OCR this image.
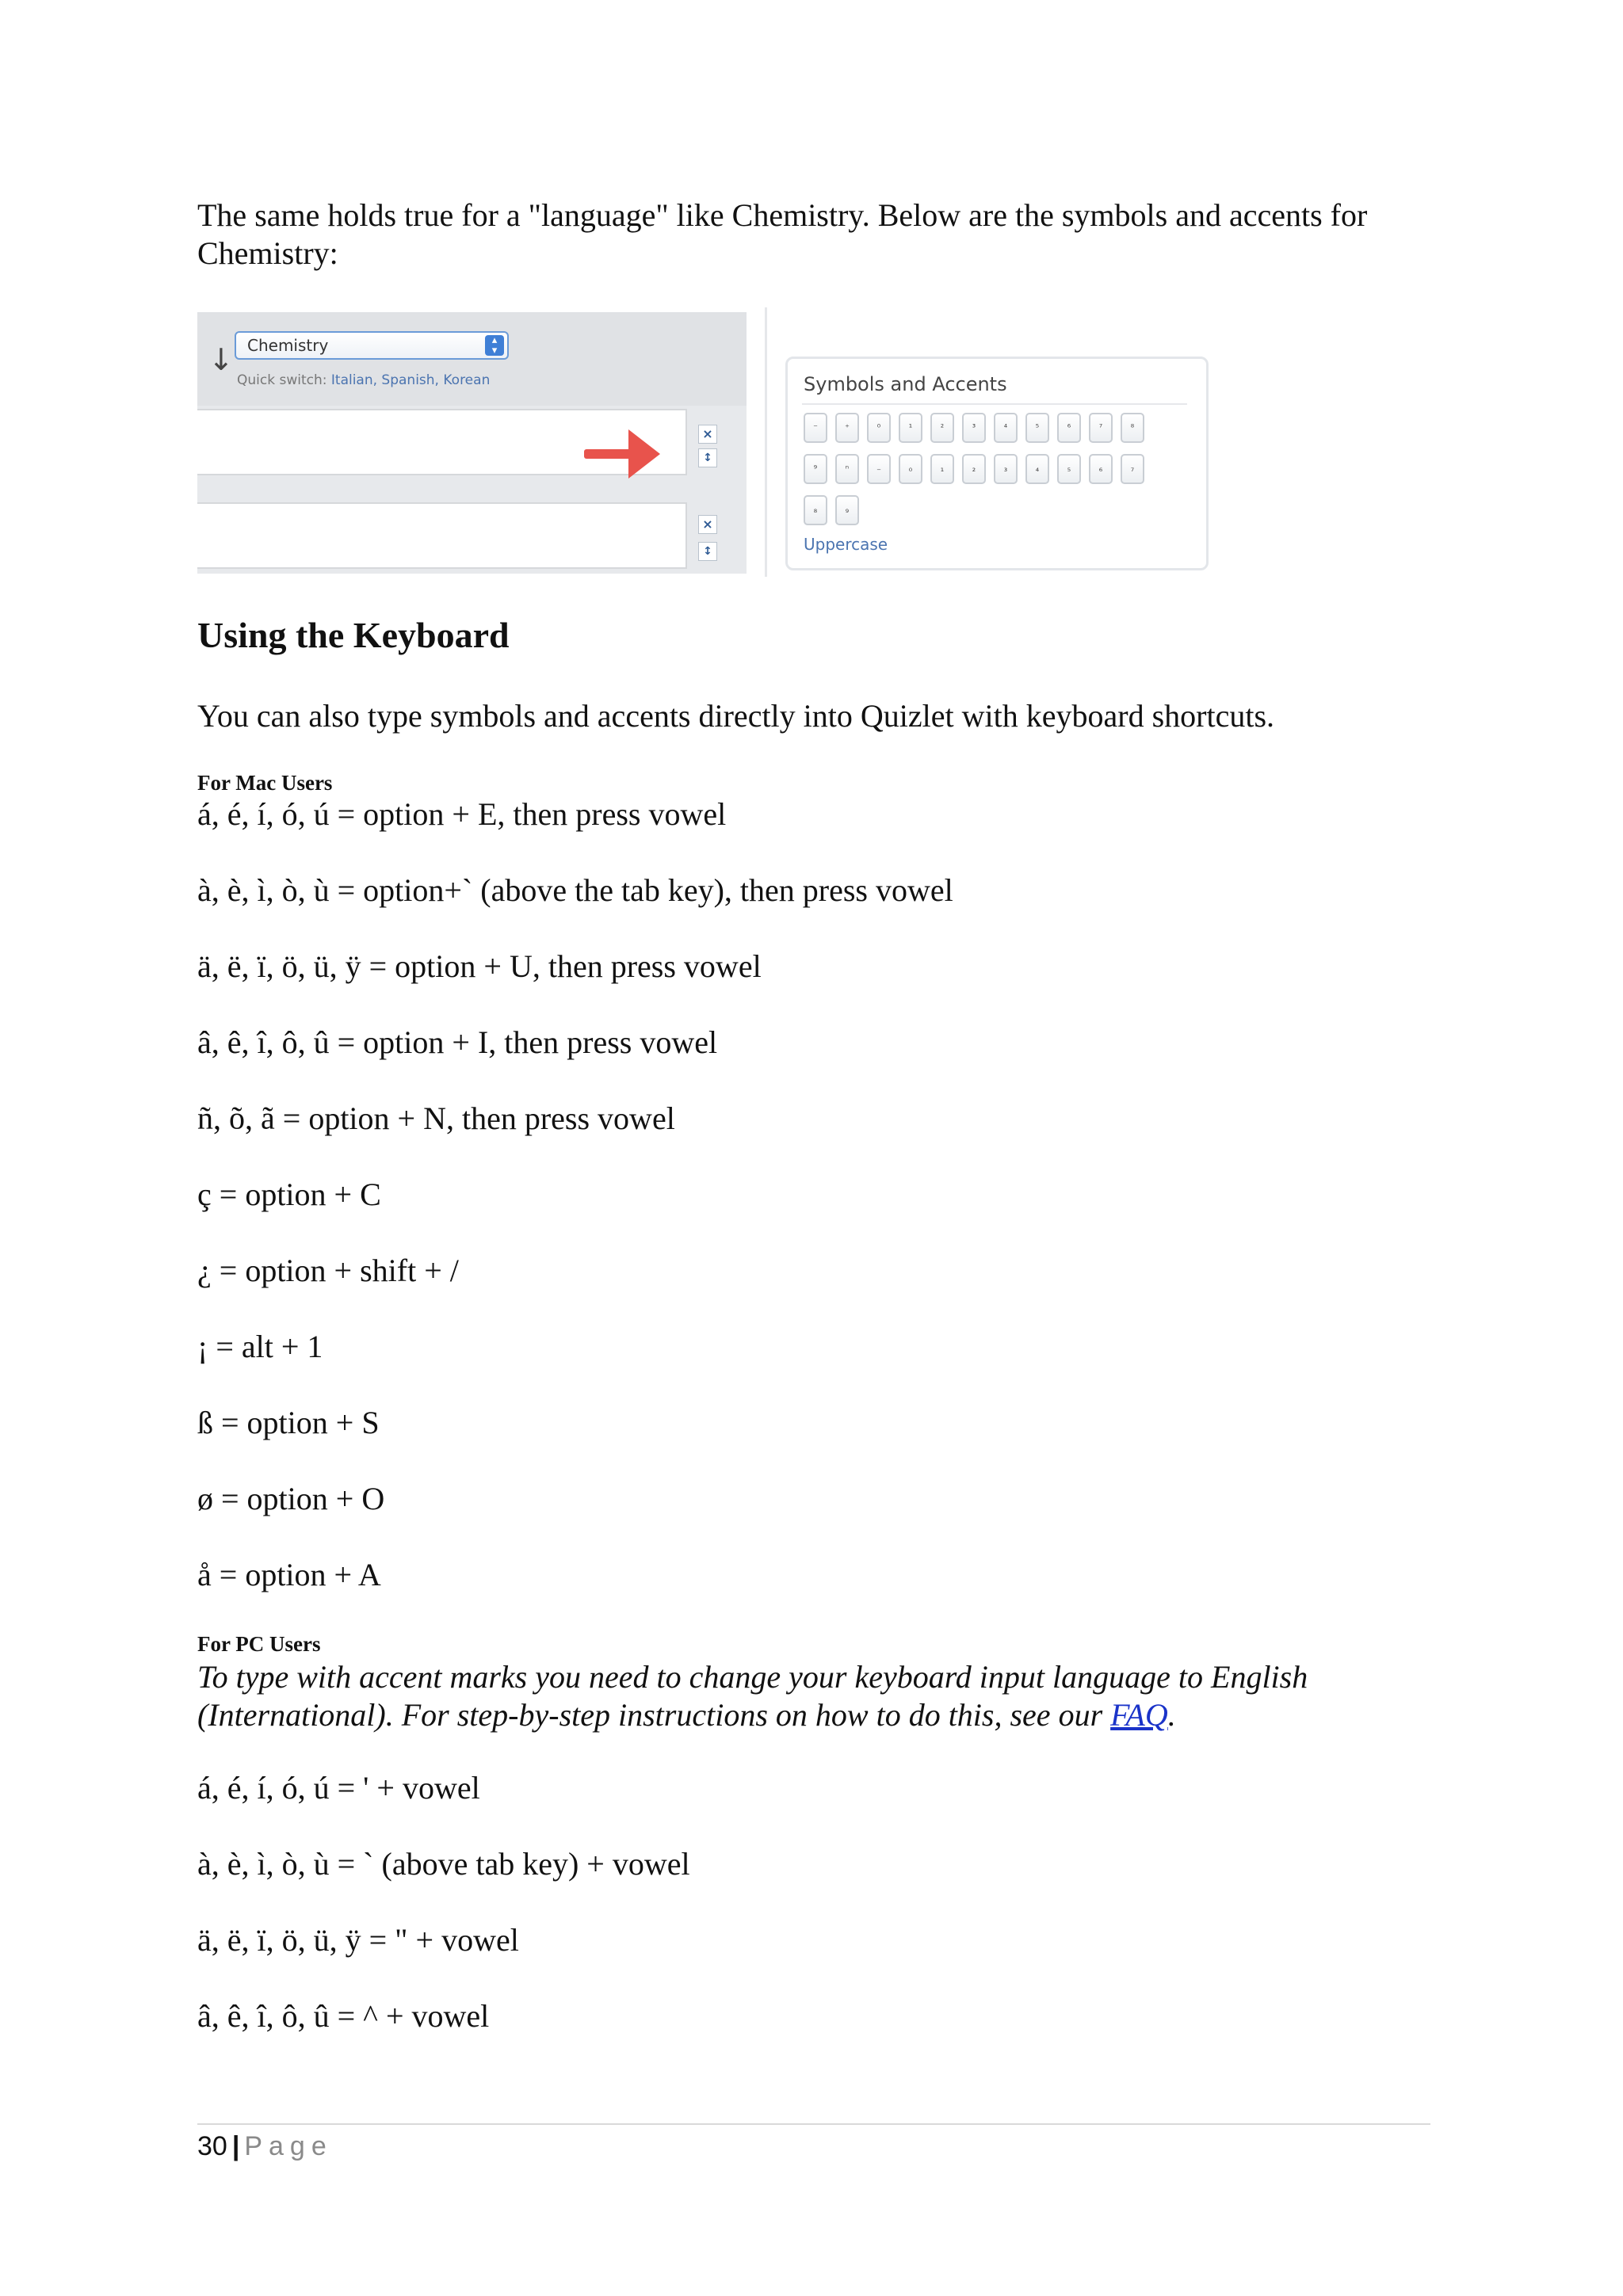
The same holds true for a "language" like Chemistry. Below are the symbols and accents for Chemistry:

↓ Chemistry	▴
▾
Quick switch: Italian, Spanish, Korean
×
↕
×
↕
Symbols and Accents
⁻	⁺	⁰	¹	²	³	⁴	⁵	⁶	⁷	⁸
⁹	ⁿ	₋	₀	₁	₂	₃	₄	₅	₆	₇
₈	₉
Uppercase
Using the Keyboard

You can also type symbols and accents directly into Quizlet with keyboard shortcuts.

For Mac Users
á, é, í, ó, ú = option + E, then press vowel
à, è, ì, ò, ù = option+` (above the tab key), then press vowel
ä, ë, ï, ö, ü, ÿ = option + U, then press vowel
â, ê, î, ô, û = option + I, then press vowel
ñ, õ, ã = option + N, then press vowel
ç = option + C
¿ = option + shift + /
¡ = alt + 1
ß = option + S
ø = option + O
å = option + A
For PC Users

To type with accent marks you need to change your keyboard input language to English (International). For step-by-step instructions on how to do this, see our FAQ.

á, é, í, ó, ú = ' + vowel
à, è, ì, ò, ù = ` (above tab key) + vowel
ä, ë, ï, ö, ü, ÿ = " + vowel
â, ê, î, ô, û = ^ + vowel
30 | Page
